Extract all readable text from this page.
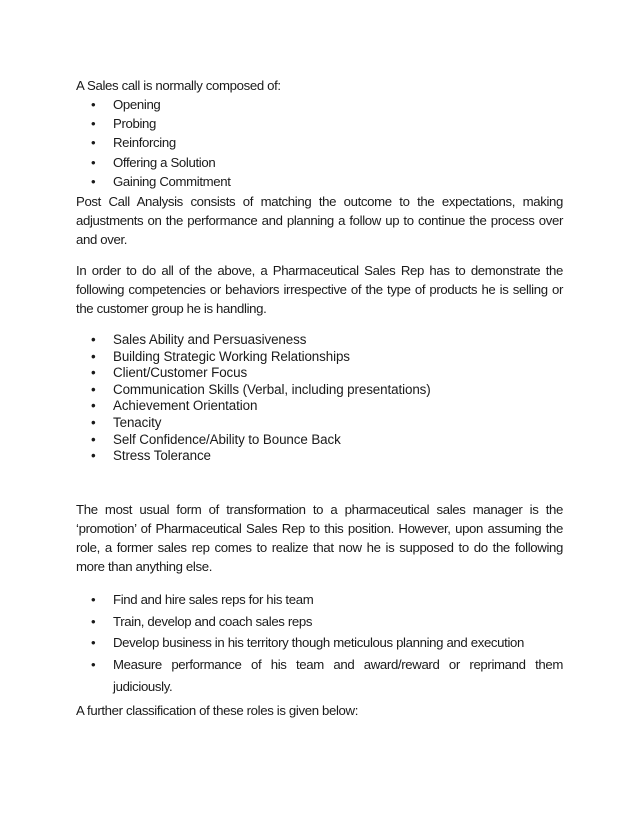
A Sales call is normally composed of:

• Opening
• Probing
• Reinforcing
• Offering a Solution
• Gaining Commitment

Post Call Analysis consists of matching the outcome to the expectations, making adjustments on the performance and planning a follow up to continue the process over and over.

In order to do all of the above, a Pharmaceutical Sales Rep has to demonstrate the following competencies or behaviors irrespective of the type of products he is selling or the customer group he is handling.

• Sales Ability and Persuasiveness
• Building Strategic Working Relationships
• Client/Customer Focus
• Communication Skills (Verbal, including presentations)
• Achievement Orientation
• Tenacity
• Self Confidence/Ability to Bounce Back
• Stress Tolerance

The most usual form of transformation to a pharmaceutical sales manager is the ‘promotion’ of Pharmaceutical Sales Rep to this position. However, upon assuming the role, a former sales rep comes to realize that now he is supposed to do the following more than anything else.

• Find and hire sales reps for his team
• Train, develop and coach sales reps
• Develop business in his territory though meticulous planning and execution
• Measure performance of his team and award/reward or reprimand them judiciously.

A further classification of these roles is given below:
